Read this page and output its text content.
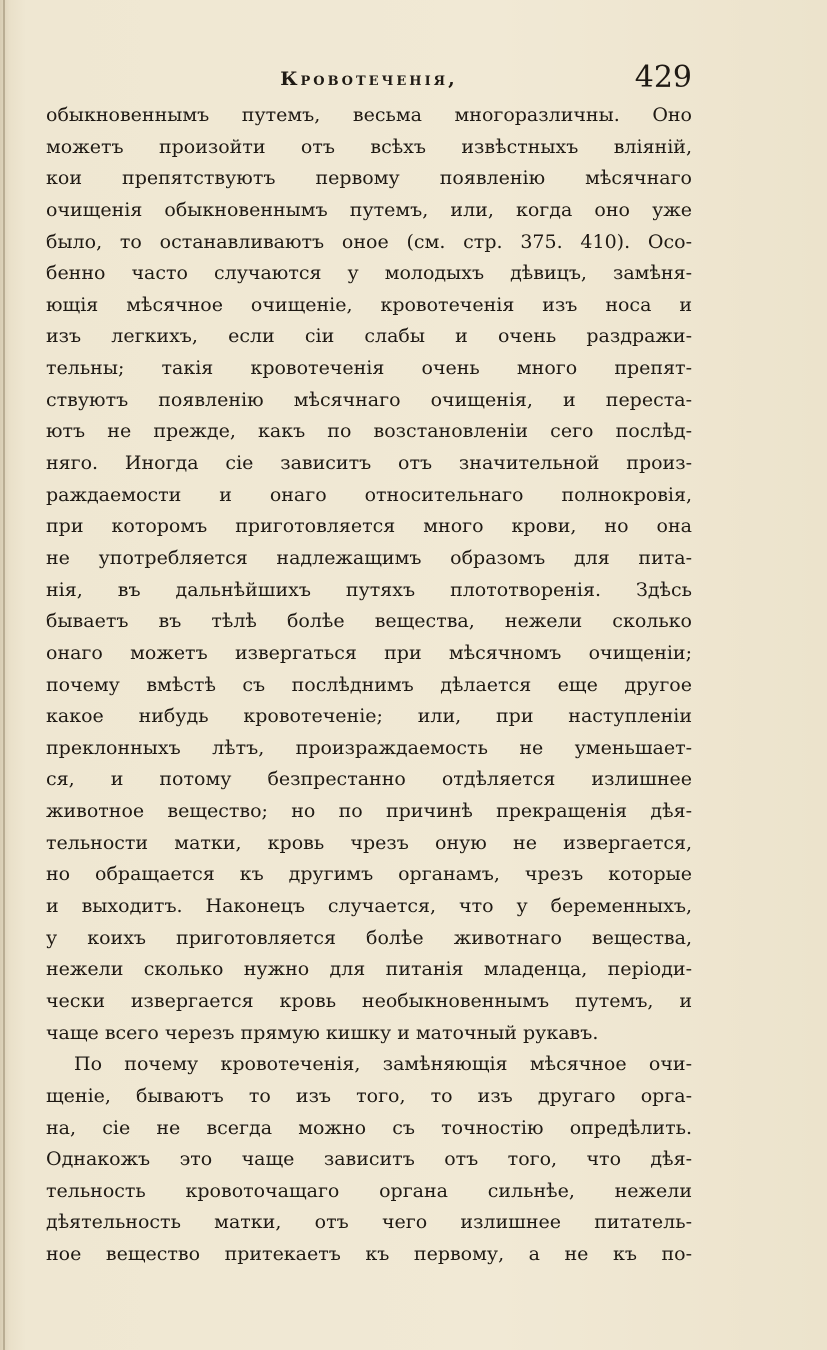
Кровотеченія,	429
обыкновеннымъ путемъ, весьма многоразличны. Оно
можетъ произойти отъ всѣхъ извѣстныхъ вліяній,
кои препятствуютъ первому появленію мѣсячнаго
очищенія обыкновеннымъ путемъ, или, когда оно уже
было, то останавливаютъ оное (см. стр. 375. 410). Осо-
бенно часто случаются у молодыхъ дѣвицъ, замѣня-
ющія мѣсячное очищеніе, кровотеченія изъ носа и
изъ легкихъ, если сіи слабы и очень раздражи-
тельны; такія кровотеченія очень много препят-
ствуютъ появленію мѣсячнаго очищенія, и переста-
ютъ не прежде, какъ по возстановленіи сего послѣд-
няго. Иногда сіе зависитъ отъ значительной произ-
раждаемости и онаго относительнаго полнокровія,
при которомъ приготовляется много крови, но она
не употребляется надлежащимъ образомъ для пита-
нія, въ дальнѣйшихъ путяхъ плототворенія. Здѣсь
бываетъ въ тѣлѣ болѣе вещества, нежели сколько
онаго можетъ извергаться при мѣсячномъ очищеніи;
почему вмѣстѣ съ послѣднимъ дѣлается еще другое
какое нибудь кровотеченіе; или, при наступленіи
преклонныхъ лѣтъ, произраждаемость не уменьшает-
ся, и потому безпрестанно отдѣляется излишнее
животное вещество; но по причинѣ прекращенія дѣя-
тельности матки, кровь чрезъ оную не извергается,
но обращается къ другимъ органамъ, чрезъ которые
и выходитъ. Наконецъ случается, что у беременныхъ,
у коихъ приготовляется болѣе животнаго вещества,
нежели сколько нужно для питанія младенца, періоди-
чески извергается кровь необыкновеннымъ путемъ, и
чаще всего черезъ прямую кишку и маточный рукавъ.
По почему кровотеченія, замѣняющія мѣсячное очи-
щеніе, бываютъ то изъ того, то изъ другаго орга-
на, сіе не всегда можно съ точностію опредѣлить.
Однакожъ это чаще зависитъ отъ того, что дѣя-
тельность кровоточащаго органа сильнѣе, нежели
дѣятельность матки, отъ чего излишнее питатель-
ное вещество притекаетъ къ первому, а не къ по-
